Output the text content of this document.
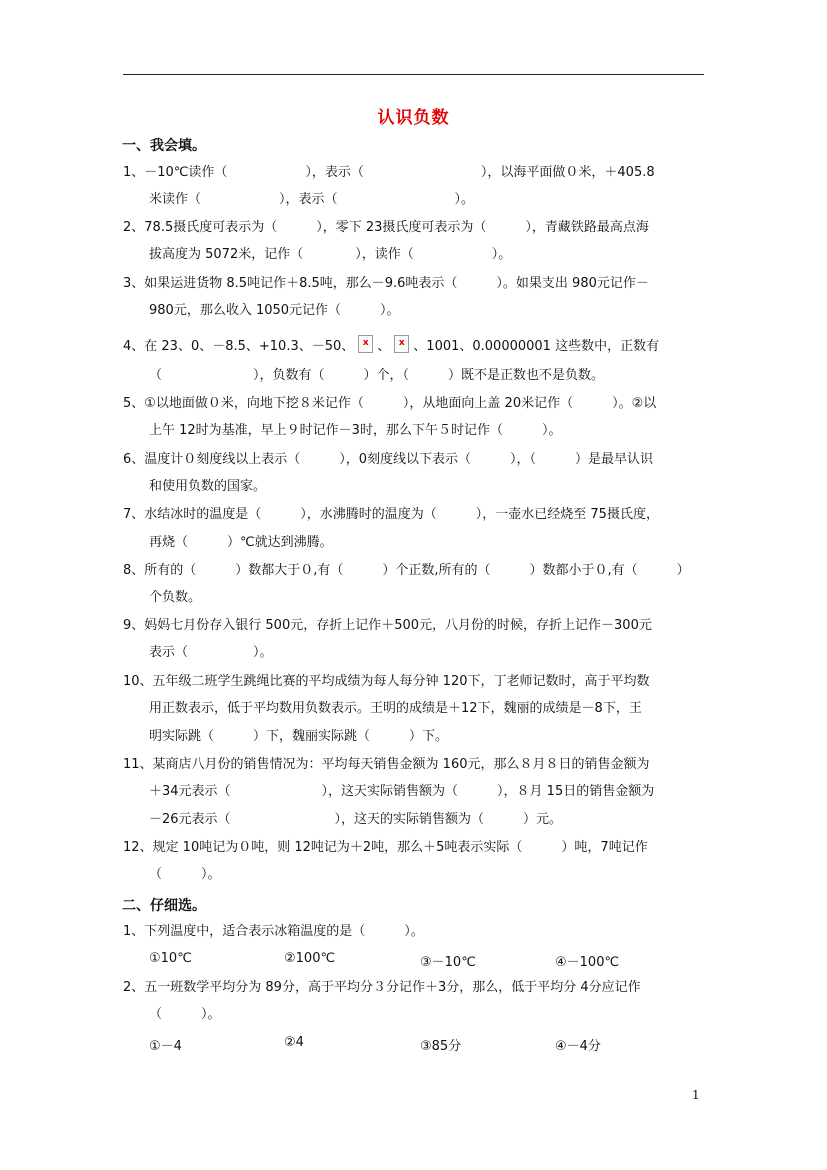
认识负数
一、我会填。
1、－10℃读作（　　　　　　），表示（　　　　　　　　　），以海平面做０米，＋405.8
米读作（　　　　　　），表示（　　　　　　　　　）。
2、78.5摄氏度可表示为（　　　），零下 23摄氏度可表示为（　　　），青藏铁路最高点海
拔高度为 5072米，记作（　　　　），读作（　　　　　　）。
3、如果运进货物 8.5吨记作＋8.5吨，那么－9.6吨表示（　　　）。如果支出 980元记作－
980元，那么收入 1050元记作（　　　）。
4、在 23、0、－8.5、+10.3、－50、 x 、 x 、1001、0.00000001 这些数中，正数有
（　　　　　　　），负数有（　　　）个，（　　　）既不是正数也不是负数。
5、①以地面做０米，向地下挖８米记作（　　　），从地面向上盖 20米记作（　　　）。②以
上午 12时为基准，早上９时记作－3时，那么下午５时记作（　　　）。
6、温度计０刻度线以上表示（　　　），0刻度线以下表示（　　　），（　　　）是最早认识
和使用负数的国家。
7、水结冰时的温度是（　　　），水沸腾时的温度为（　　　），一壶水已经烧至 75摄氏度，
再烧（　　　）℃就达到沸腾。
8、所有的（　　　）数都大于０,有（　　　）个正数,所有的（　　　）数都小于０,有（　　　）
个负数。
9、妈妈七月份存入银行 500元，存折上记作＋500元，八月份的时候，存折上记作－300元
表示（　　　　　）。
10、五年级二班学生跳绳比赛的平均成绩为每人每分钟 120下，丁老师记数时，高于平均数
用正数表示，低于平均数用负数表示。王明的成绩是＋12下，魏丽的成绩是－8下，王
明实际跳（　　　）下，魏丽实际跳（　　　）下。
11、某商店八月份的销售情况为：平均每天销售金额为 160元，那么８月８日的销售金额为
＋34元表示（　　　　　　　），这天实际销售额为（　　　），８月 15日的销售金额为
－26元表示（　　　　　　　　），这天的实际销售额为（　　　）元。
12、规定 10吨记为０吨，则 12吨记为＋2吨，那么＋5吨表示实际（　　　）吨，7吨记作
（　　　）。
二、仔细选。
1、下列温度中，适合表示冰箱温度的是（　　　）。
①10℃	②100℃	③－10℃	④－100℃
2、五一班数学平均分为 89分，高于平均分３分记作＋3分，那么，低于平均分 4分应记作
（　　　）。
①－4	②4	③85分	④－4分
1
